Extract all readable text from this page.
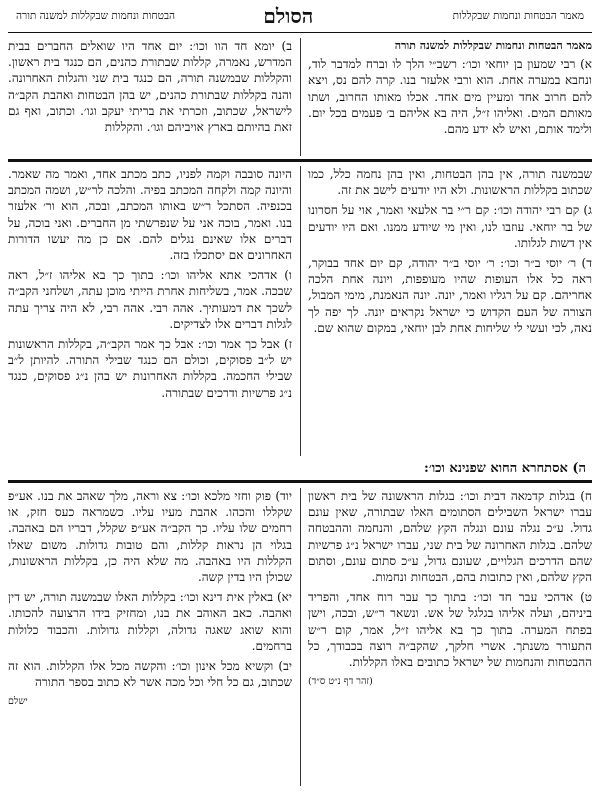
הבטחות ונחמות שבקללות למשנה תורה	הסולם	מאמר הבטחות ונחמות שבקללות

מאמר הבטחות ונחמות שבקללות למשנה תורה

א) רבי שמעון בן יוחאי וכו׳: רשב״י הלך לו וברח למדבר לוד, ונחבא במערה אחת. הוא ורבי אלעזר בנו. קרה להם נס, ויצא להם חרוב אחד ומעיין מים אחד. אכלו מאותו החרוב, ושתו מאותם המים. ואליהו ז״ל, היה בא אליהם ב׳ פעמים בכל יום. ולימד אותם, ואיש לא ידע מהם.

ב) יומא חד הוו וכו׳: יום אחד היו שואלים החברים בבית המדרש, נאמרה, קללות שבתורת כהנים, הם כנגד בית ראשון. והקללות שבמשנה תורה, הם כנגד בית שני והגלות האחרונה. והנה בקללות שבתורת כהנים, יש בהן הבטחות ואהבת הקב״ה לישראל, שכתוב, וזכרתי את בריתי יעקב וגו׳. וכתוב, ואף גם זאת בהיותם בארץ אויביהם וגו׳. והקללות

שבמשנה תורה, אין בהן הבטחות, ואין בהן נחמה כלל, כמו שכתוב בקללות הראשונות. ולא היו יודעים לישב את זה.

ג) קם רבי יהודה וכו׳: קם ר״י בר אלעאי ואמר, אוי על חסרונו של בר יוחאי. עוזבו לנו, ואין מי שיודע ממנו. ואם היו יודעים אין דשות לגלותו.

ד) ר׳ יוסי ב״ר וכו׳: ר׳ יוסי ב״ר יהודה, קם יום אחד בבוקר, ראה כל אלו העופות שהיו מעופפות, ויונה אחת הלכה אחריהם. קם על רגליו ואמר, יונה. יונה הנאמנת, מימי המבול, הצורה של העם הקדוש כי ישראל נקראים יונה. לך יפה לך נאה, לכי ועשי לי שליחות אחת לבן יוחאי, במקום שהוא שם.

היונה סובבה וקמה לפניו, כתב מכתב אחד, ואמר מה שאמר. והיונה קמה ולקחה המכתב בפיה. והלכה לר״ש, ושמה המכתב בכנפיה. הסתכל ר״ש באותו המכתב, ובכה, הוא ור׳ אלעזר בנו. ואמר, בוכה אני על שנפרשתי מן החברים. ואני בוכה, על דברים אלו שאינם נגלים להם. אם כן מה יעשו הדורות האחרונים אם יסתכלו בזה.

ו) אדהכי אתא אליהו וכו׳: בתוך כך בא אליהו ז״ל, ראה שבכה. אמר, בשליחות אחרת הייתי מוכן עתה, ושלחני הקב״ה לשכך את דמעותיך. אהה רבי. אהה רבי, לא היה צריך עתה לגלות דברים אלו לצדיקים.

ז) אבל כך אמר וכו׳: אבל כך אמר הקב״ה, בקללות הראשונות יש ל״ב פסוקים, וכולם הם כנגד שבילי התורה. להיותן ל״ב שבילי החכמה. בקללות האחרונות יש בהן נ״ג פסוקים, כנגד נ״ג פרשיות ודרכים שבתורה.

ה) אסתחרא החוא שפנינא וכו׳:

ח) בגלות קדמאה דבית וכו׳: בגלות הראשונה של בית ראשון עברו ישראל השבילים הסתומים האלו שבתורה, שאין עונם גדול. ע״כ נגלה עונם ונגלה הקץ שלהם, והנחמה וההבטחה שלהם. בגלות האחרונה של בית שני, עברו ישראל נ״ג פרשיות שהם הדרכים הגלויים, שעונם גדול, ע״כ סתום עונם, וסתום הקץ שלהם, ואין כתובות בהם, הבטחות ונחמות.

ט) אדהכי עבר חד וכו׳: בתוך כך עבר רוח אחד, והפריד ביניהם, ועלה אליהו בגלגל של אש. ונשאר ר״ש, ובכה, וישן בפתח המערה. בתוך כך בא אליהו ז״ל, אמר, קום ר״ש התעורר משנתך. אשרי חלקך, שהקב״ה רוצה בכבודך, כל ההבטחות והנחמות של ישראל כתובים באלו הקללות.

(זהר דף נ״ט ס״ד)

יוד) פוק וחזי מלכא וכו׳: צא וראה, מלך שאהב את בנו. אע״פ שקללו והכהו. אהבת מעיו עליו. כשמראה כעס חזק, או רחמים שלו עליו. כך הקב״ה אע״פ שקלל, דבריו הם באהבה. בגלוי הן נראות קללות, והם טובות גדולות. משום שאלו הקללות היו באהבה. מה שלא היה כן, בקללות הראשונות, שכולן היו בדין קשה.

יא) באלין אית דינא וכו׳: בקללות האלו שבמשנה תורה, יש דין ואהבה. כאב האוהב את בנו, ומחזיק בידו הרצועה להכותו. והוא שואג שאגה גדולה, וקללות גדולות. והכבוד כלולות ברחמים.

יב) וקשיא מכל אינון וכו׳: והקשה מכל אלו הקללות. הוא זה שכתוב, גם כל חלי וכל מכה אשר לא כתוב בספר התורה

ישלם
